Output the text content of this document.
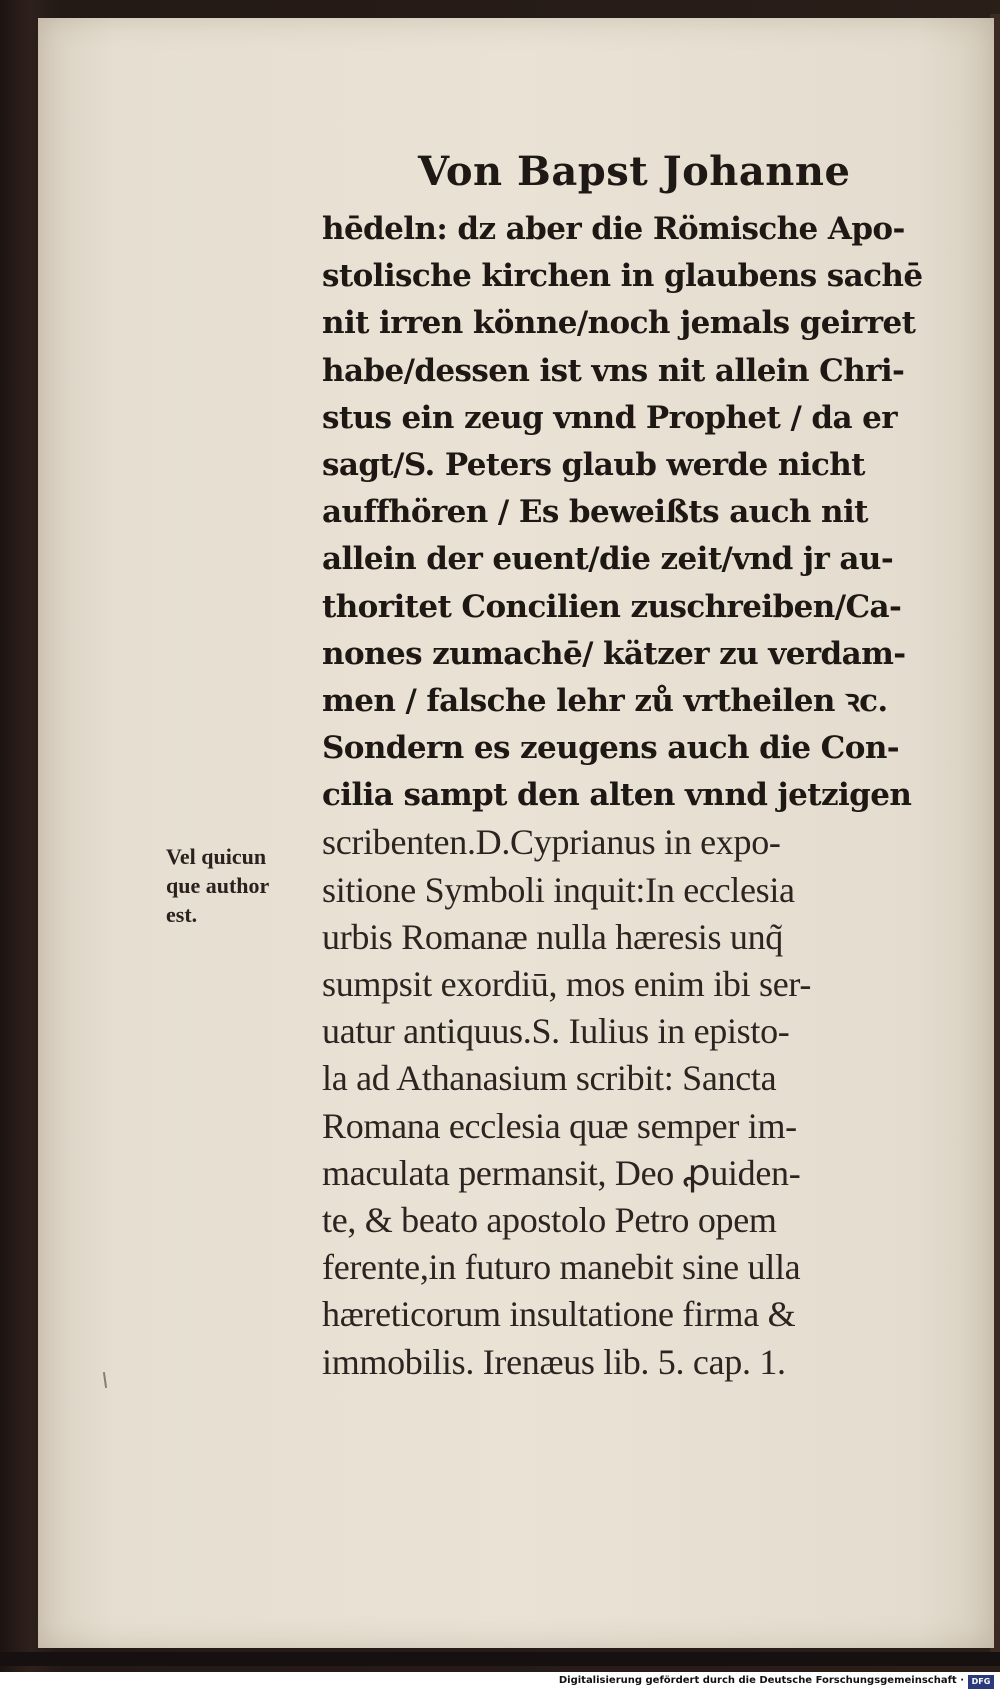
Von Bapst Johanne
hēdeln: dz aber die Römische Apo-
stolische kirchen in glaubens sachē
nit irren könne/noch jemals geirret
habe/dessen ist vns nit allein Chri-
stus ein zeug vnnd Prophet / da er
sagt/S. Peters glaub werde nicht
auffhören / Es beweißts auch nit
allein der euent/die zeit/vnd jr au-
thoritet Concilien zuschreiben/Ca-
nones zumachē/ kätzer zu verdam-
men / falsche lehr zů vrtheilen ꝛc.
Sondern es zeugens auch die Con-
cilia sampt den alten vnnd jetzigen
scribenten.D.Cyprianus in expo-
sitione Symboli inquit:In ecclesia
urbis Romanæ nulla hæresis unq̃
sumpsit exordiū, mos enim ibi ser-
uatur antiquus.S. Iulius in episto-
la ad Athanasium scribit: Sancta
Romana ecclesia quæ semper im-
maculata permansit, Deo ꝓuiden-
te, & beato apostolo Petro opem
ferente,in futuro manebit sine ulla
hæreticorum insultatione firma &
immobilis. Irenæus lib. 5. cap. 1.
Vel quicun
que author
est.
Digitalisierung gefördert durch die Deutsche Forschungsgemeinschaft · DFG
